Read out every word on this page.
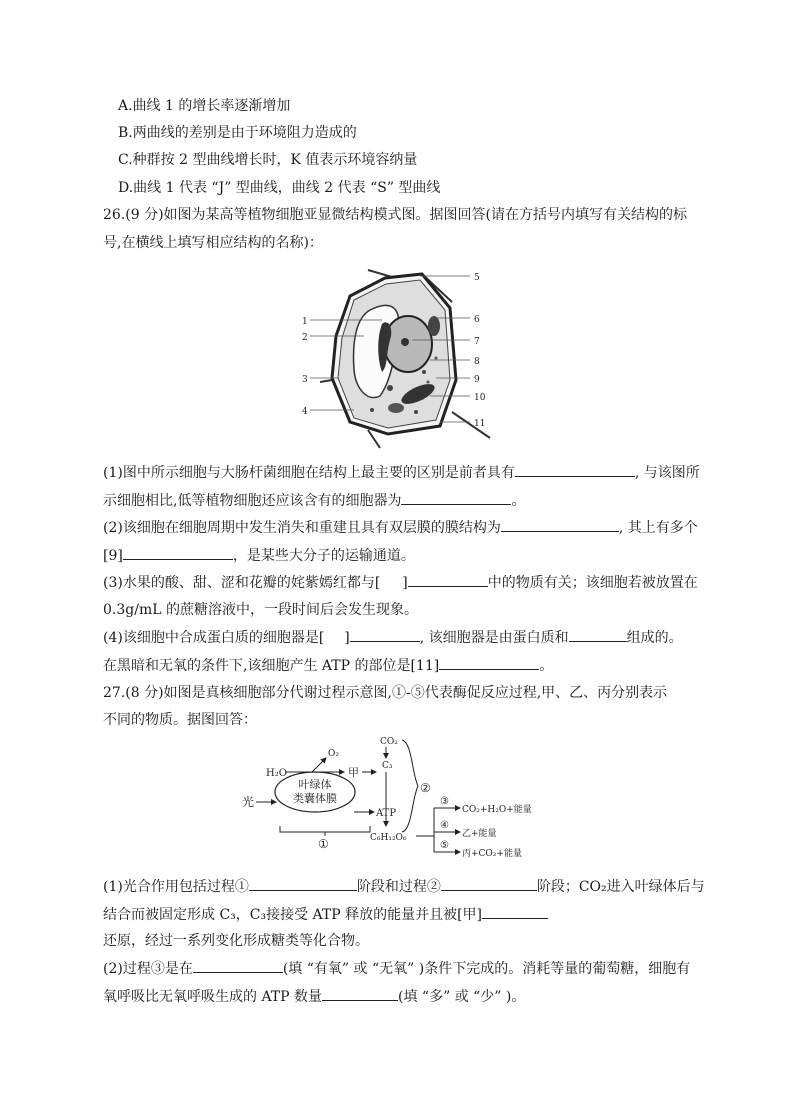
A.曲线 1 的增长率逐渐增加
B.两曲线的差别是由于环境阻力造成的
C.种群按 2 型曲线增长时，K 值表示环境容纳量
D.曲线 1 代表 “J” 型曲线，曲线 2 代表 “S” 型曲线
26.(9 分)如图为某高等植物细胞亚显微结构模式图。据图回答(请在方括号内填写有关结构的标
号,在横线上填写相应结构的名称)：
1
2
3
4
5
6
7
8
9
10
11
(1)图中所示细胞与大肠杆菌细胞在结构上最主要的区别是前者具有	, 与该图所
示细胞相比,低等植物细胞还应该含有的细胞器为	。
(2)该细胞在细胞周期中发生消失和重建且具有双层膜的膜结构为	, 其上有多个
[9]	，是某些大分子的运输通道。
(3)水果的酸、甜、涩和花瓣的姹紫嫣红都与[ ]	中的物质有关；该细胞若被放置在
0.3g/mL 的蔗糖溶液中，一段时间后会发生现象。
(4)该细胞中合成蛋白质的细胞器是[ ]	, 该细胞器是由蛋白质和	组成的。
在黑暗和无氧的条件下,该细胞产生 ATP 的部位是[11]	。
27.(8 分)如图是真核细胞部分代谢过程示意图,①-⑤代表酶促反应过程,甲、乙、丙分别表示
不同的物质。据图回答：
光
叶绿体
类囊体膜
H₂O
O₂
甲
ATP
①
CO₂
C₃
②
C₆H₁₂O₆
③
④
⑤
CO₂+H₂O+能量
乙+能量
丙+CO₂+能量
(1)光合作用包括过程①	阶段和过程②	阶段；CO₂进入叶绿体后与
结合而被固定形成 C₃，C₃接接受 ATP 释放的能量并且被[甲]
还原，经过一系列变化形成糖类等化合物。
(2)过程③是在	(填 “有氧” 或 “无氧” )条件下完成的。消耗等量的葡萄糖，细胞有
氧呼吸比无氧呼吸生成的 ATP 数量	(填 “多” 或 “少” )。
